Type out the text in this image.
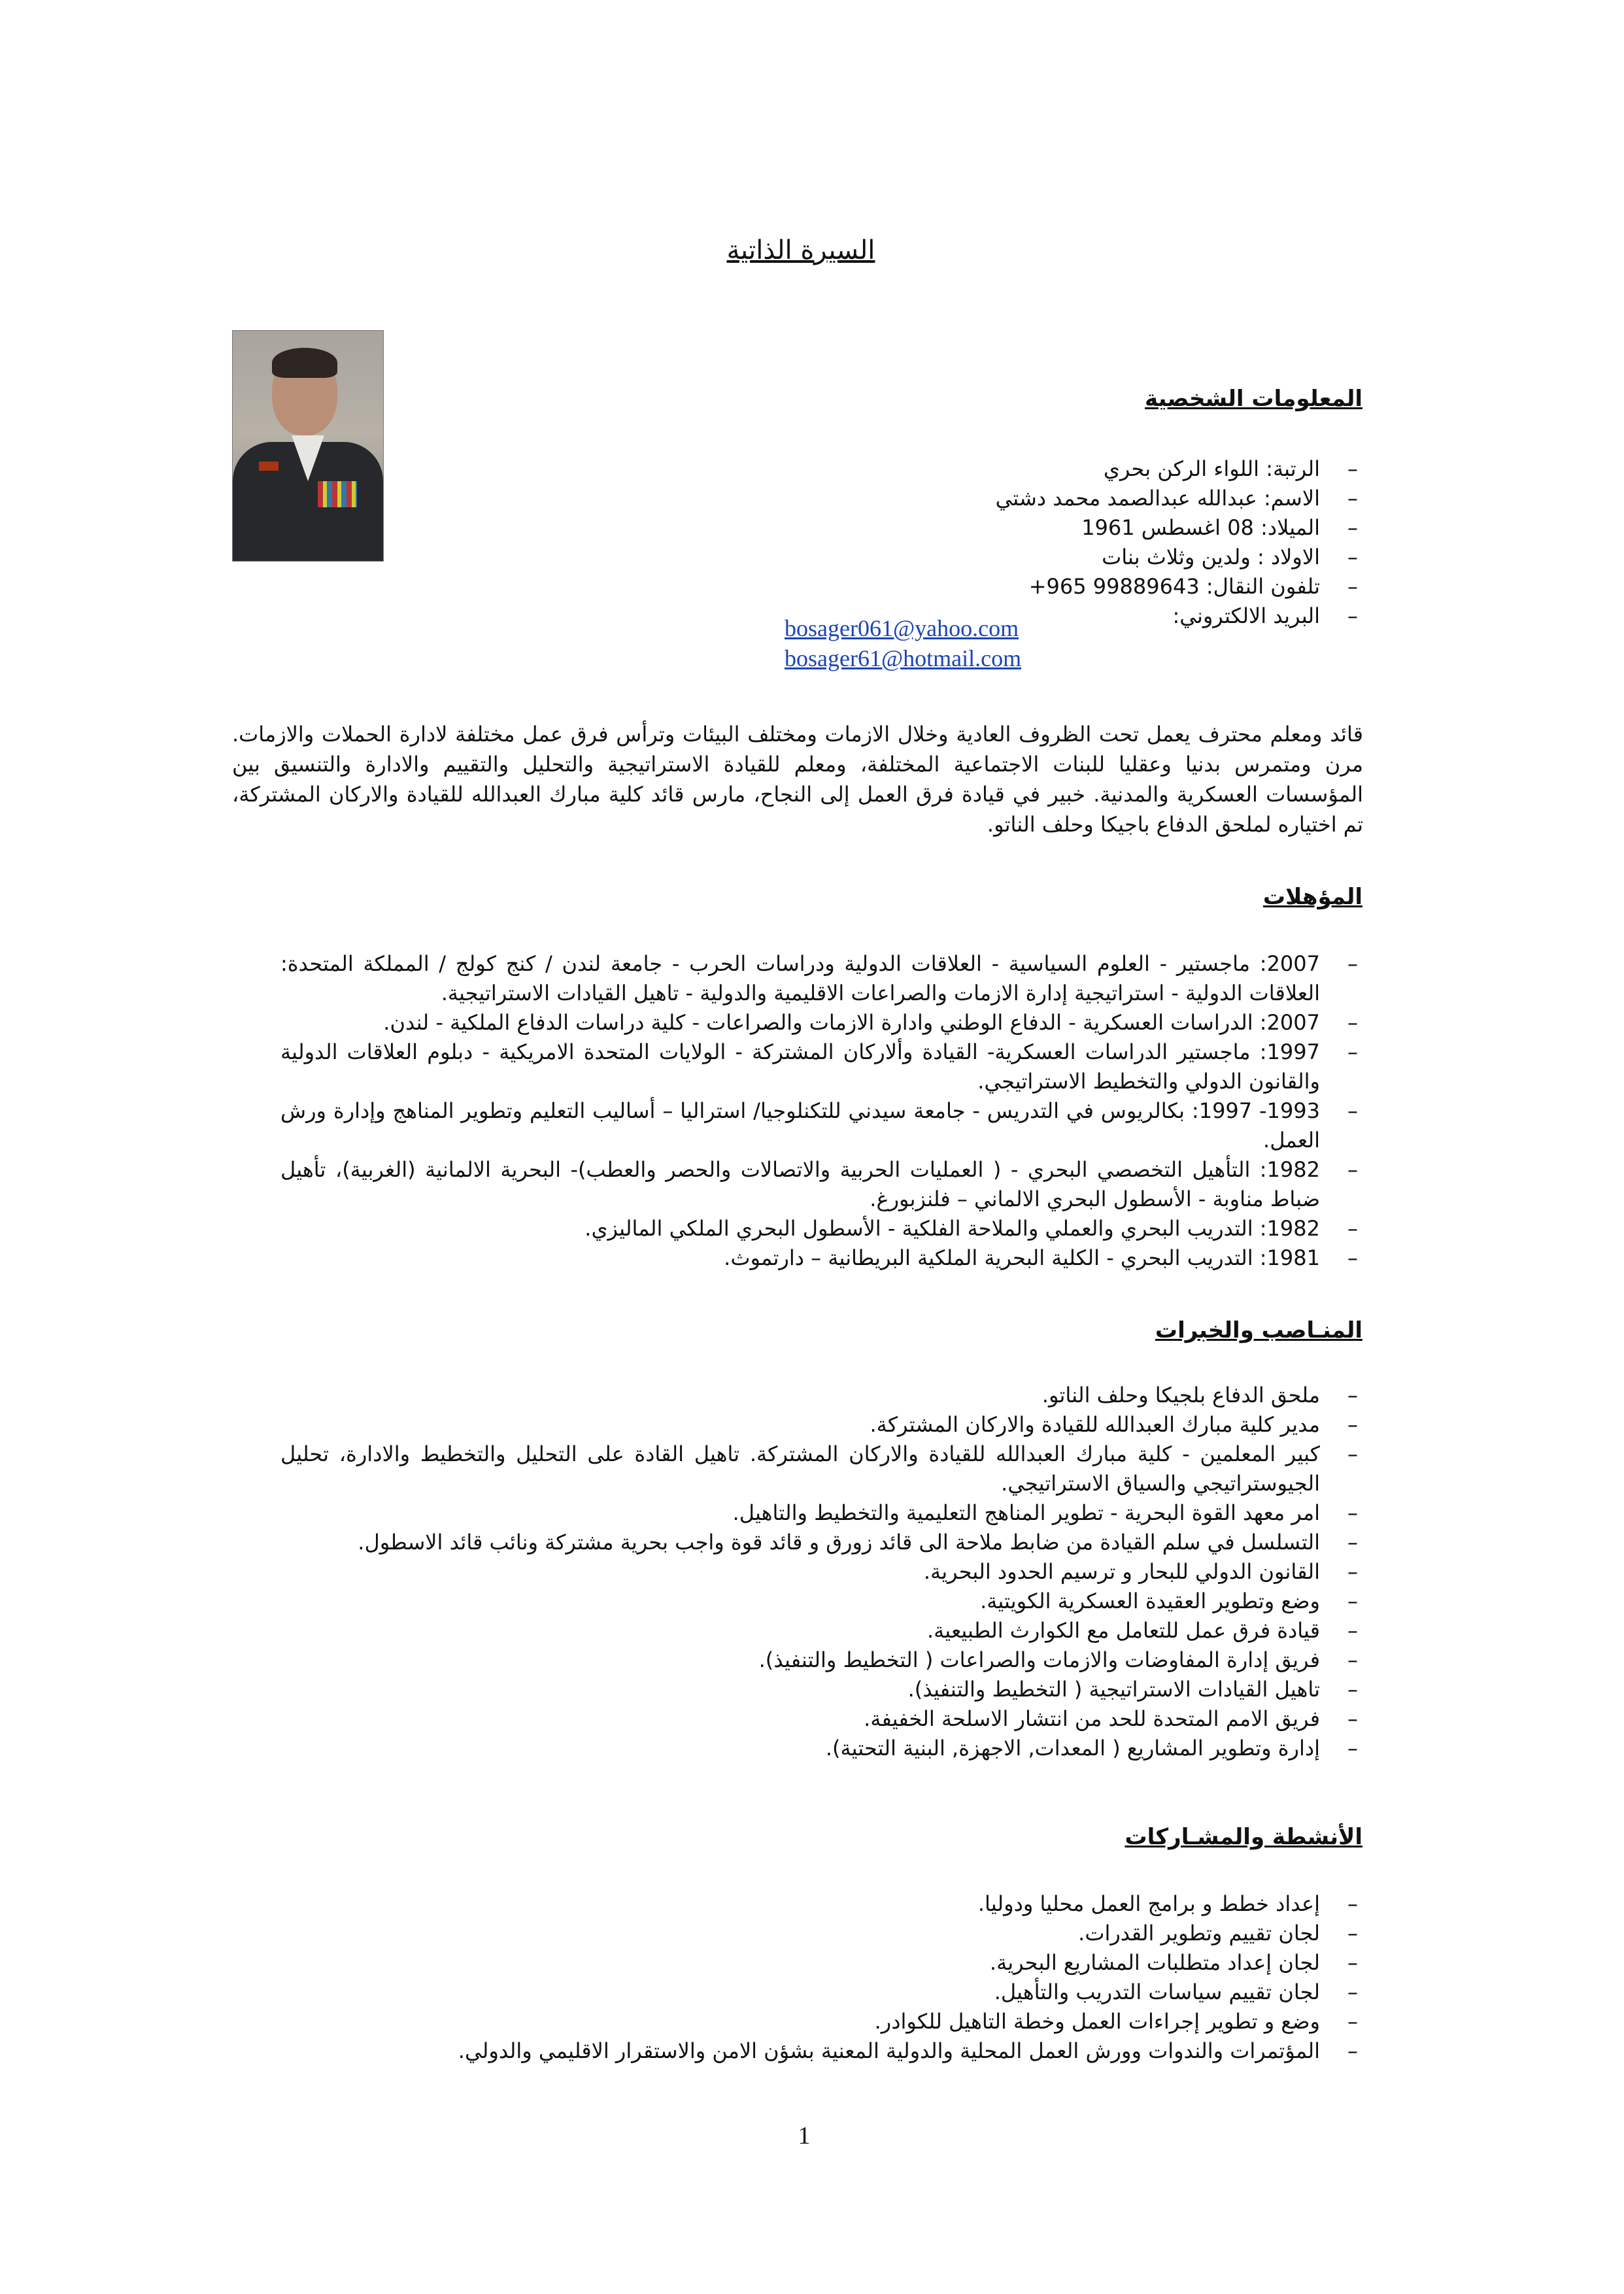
السيرة الذاتية
المعلومات الشخصية
–
الرتبة: اللواء الركن بحري
–
الاسم: عبدالله عبدالصمد محمد دشتي
–
الميلاد: 08 اغسطس 1961
–
الاولاد : ولدين وثلاث بنات
–
تلفون النقال: 99889643 965+
–
البريد الالكتروني:
bosager061@yahoo.com
bosager61@hotmail.com
قائد ومعلم محترف يعمل تحت الظروف العادية وخلال الازمات ومختلف البيئات وترأس فرق عمل مختلفة لادارة الحملات والازمات. مرن ومتمرس بدنيا وعقليا للبنات الاجتماعية المختلفة، ومعلم للقيادة الاستراتيجية والتحليل والتقييم والادارة والتنسيق بين المؤسسات العسكرية والمدنية. خبير في قيادة فرق العمل إلى النجاح، مارس قائد كلية مبارك العبدالله للقيادة والاركان المشتركة، تم اختياره لملحق الدفاع باجيكا وحلف الناتو.
المؤهلات
–
2007: ماجستير - العلوم السياسية - العلاقات الدولية ودراسات الحرب - جامعة لندن / كنج كولج / المملكة المتحدة: العلاقات الدولية - استراتيجية إدارة الازمات والصراعات الاقليمية والدولية - تاهيل القيادات الاستراتيجية.
–
2007: الدراسات العسكرية - الدفاع الوطني وادارة الازمات والصراعات - كلية دراسات الدفاع الملكية - لندن.
–
1997: ماجستير الدراسات العسكرية- القيادة وألاركان المشتركة - الولايات المتحدة الامريكية - دبلوم العلاقات الدولية والقانون الدولي والتخطيط الاستراتيجي.
–
1993- 1997: بكالريوس في التدريس - جامعة سيدني للتكنلوجيا/ استراليا – أساليب التعليم وتطوير المناهج وإدارة ورش العمل.
–
1982: التأهيل التخصصي البحري - ( العمليات الحربية والاتصالات والحصر والعطب)- البحرية الالمانية (الغربية)، تأهيل ضباط مناوبة - الأسطول البحري الالماني – فلنزبورغ.
–
1982: التدريب البحري والعملي والملاحة الفلكية - الأسطول البحري الملكي الماليزي.
–
1981: التدريب البحري - الكلية البحرية الملكية البريطانية – دارتموث.
المنـاصب والخبرات
–
ملحق الدفاع بلجيكا وحلف الناتو.
–
مدير كلية مبارك العبدالله للقيادة والاركان المشتركة.
–
كبير المعلمين - كلية مبارك العبدالله للقيادة والاركان المشتركة. تاهيل القادة على التحليل والتخطيط والادارة، تحليل الجيوستراتيجي والسياق الاستراتيجي.
–
امر معهد القوة البحرية - تطوير المناهج التعليمية والتخطيط والتاهيل.
–
التسلسل في سلم القيادة من ضابط ملاحة الى قائد زورق و قائد قوة واجب بحرية مشتركة ونائب قائد الاسطول.
–
القانون الدولي للبحار و ترسيم الحدود البحرية.
–
وضع وتطوير العقيدة العسكرية الكويتية.
–
قيادة فرق عمل للتعامل مع الكوارث الطبيعية.
–
فريق إدارة المفاوضات والازمات والصراعات ( التخطيط والتنفيذ).
–
تاهيل القيادات الاستراتيجية ( التخطيط والتنفيذ).
–
فريق الامم المتحدة للحد من انتشار الاسلحة الخفيفة.
–
إدارة وتطوير المشاريع ( المعدات, الاجهزة, البنية التحتية).
الأنشطة والمشـاركات
–
إعداد خطط و برامج العمل محليا ودوليا.
–
لجان تقييم وتطوير القدرات.
–
لجان إعداد متطلبات المشاريع البحرية.
–
لجان تقييم سياسات التدريب والتأهيل.
–
وضع و تطوير إجراءات العمل وخطة التاهيل للكوادر.
–
المؤتمرات والندوات وورش العمل المحلية والدولية المعنية بشؤن الامن والاستقرار الاقليمي والدولي.
1
